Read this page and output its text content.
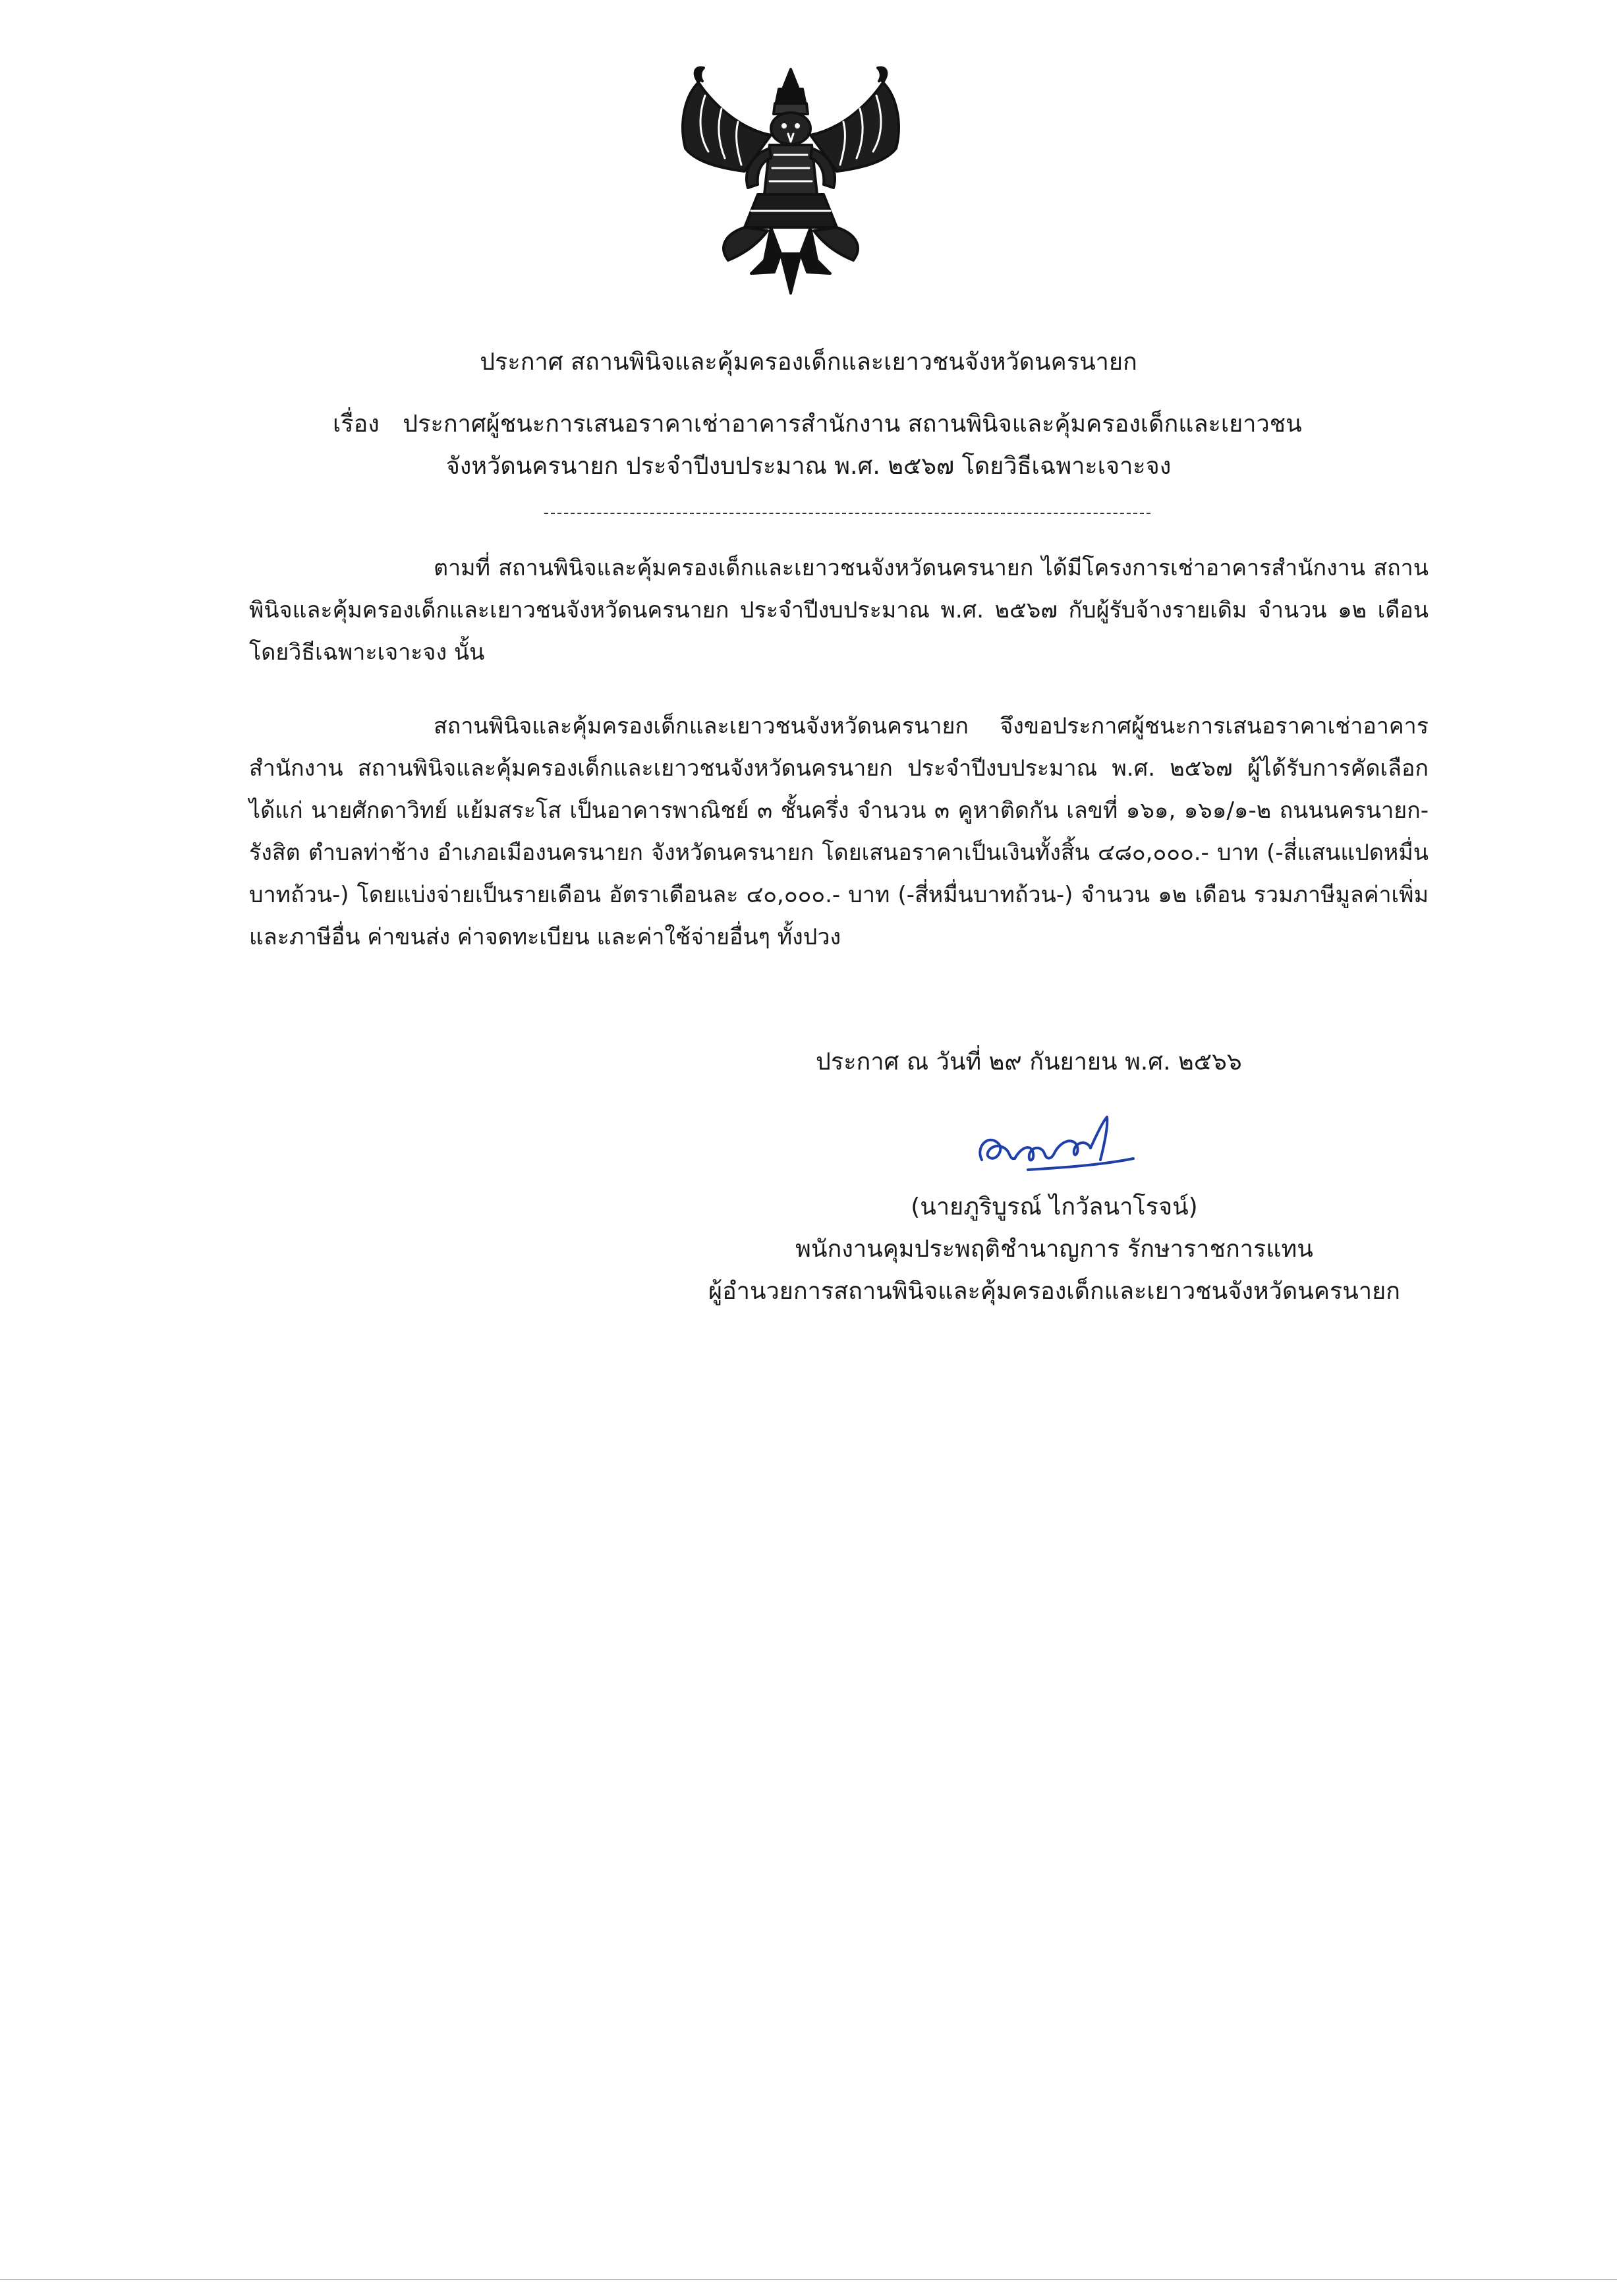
ประกาศ สถานพินิจและคุ้มครองเด็กและเยาวชนจังหวัดนครนายก
เรื่อง ประกาศผู้ชนะการเสนอราคาเช่าอาคารสำนักงาน สถานพินิจและคุ้มครองเด็กและเยาวชน
จังหวัดนครนายก ประจำปีงบประมาณ พ.ศ. ๒๕๖๗ โดยวิธีเฉพาะเจาะจง

ตามที่ สถานพินิจและคุ้มครองเด็กและเยาวชนจังหวัดนครนายก ได้มีโครงการเช่าอาคารสำนักงาน สถานพินิจและคุ้มครองเด็กและเยาวชนจังหวัดนครนายก ประจำปีงบประมาณ พ.ศ. ๒๕๖๗ กับผู้รับจ้างรายเดิม จำนวน ๑๒ เดือน โดยวิธีเฉพาะเจาะจง นั้น

สถานพินิจและคุ้มครองเด็กและเยาวชนจังหวัดนครนายก จึงขอประกาศผู้ชนะการเสนอราคาเช่าอาคารสำนักงาน สถานพินิจและคุ้มครองเด็กและเยาวชนจังหวัดนครนายก ประจำปีงบประมาณ พ.ศ. ๒๕๖๗ ผู้ได้รับการคัดเลือก ได้แก่ นายศักดาวิทย์ แย้มสระโส เป็นอาคารพาณิชย์ ๓ ชั้นครึ่ง จำนวน ๓ คูหาติดกัน เลขที่ ๑๖๑, ๑๖๑/๑-๒ ถนนนครนายก-รังสิต ตำบลท่าช้าง อำเภอเมืองนครนายก จังหวัดนครนายก โดยเสนอราคาเป็นเงินทั้งสิ้น ๔๘๐,๐๐๐.- บาท (-สี่แสนแปดหมื่นบาทถ้วน-) โดยแบ่งจ่ายเป็นรายเดือน อัตราเดือนละ ๔๐,๐๐๐.- บาท (-สี่หมื่นบาทถ้วน-) จำนวน ๑๒ เดือน รวมภาษีมูลค่าเพิ่มและภาษีอื่น ค่าขนส่ง ค่าจดทะเบียน และค่าใช้จ่ายอื่นๆ ทั้งปวง

ประกาศ ณ วันที่ ๒๙ กันยายน พ.ศ. ๒๕๖๖
(นายภูริบูรณ์ ไกวัลนาโรจน์)
พนักงานคุมประพฤติชำนาญการ รักษาราชการแทน
ผู้อำนวยการสถานพินิจและคุ้มครองเด็กและเยาวชนจังหวัดนครนายก
